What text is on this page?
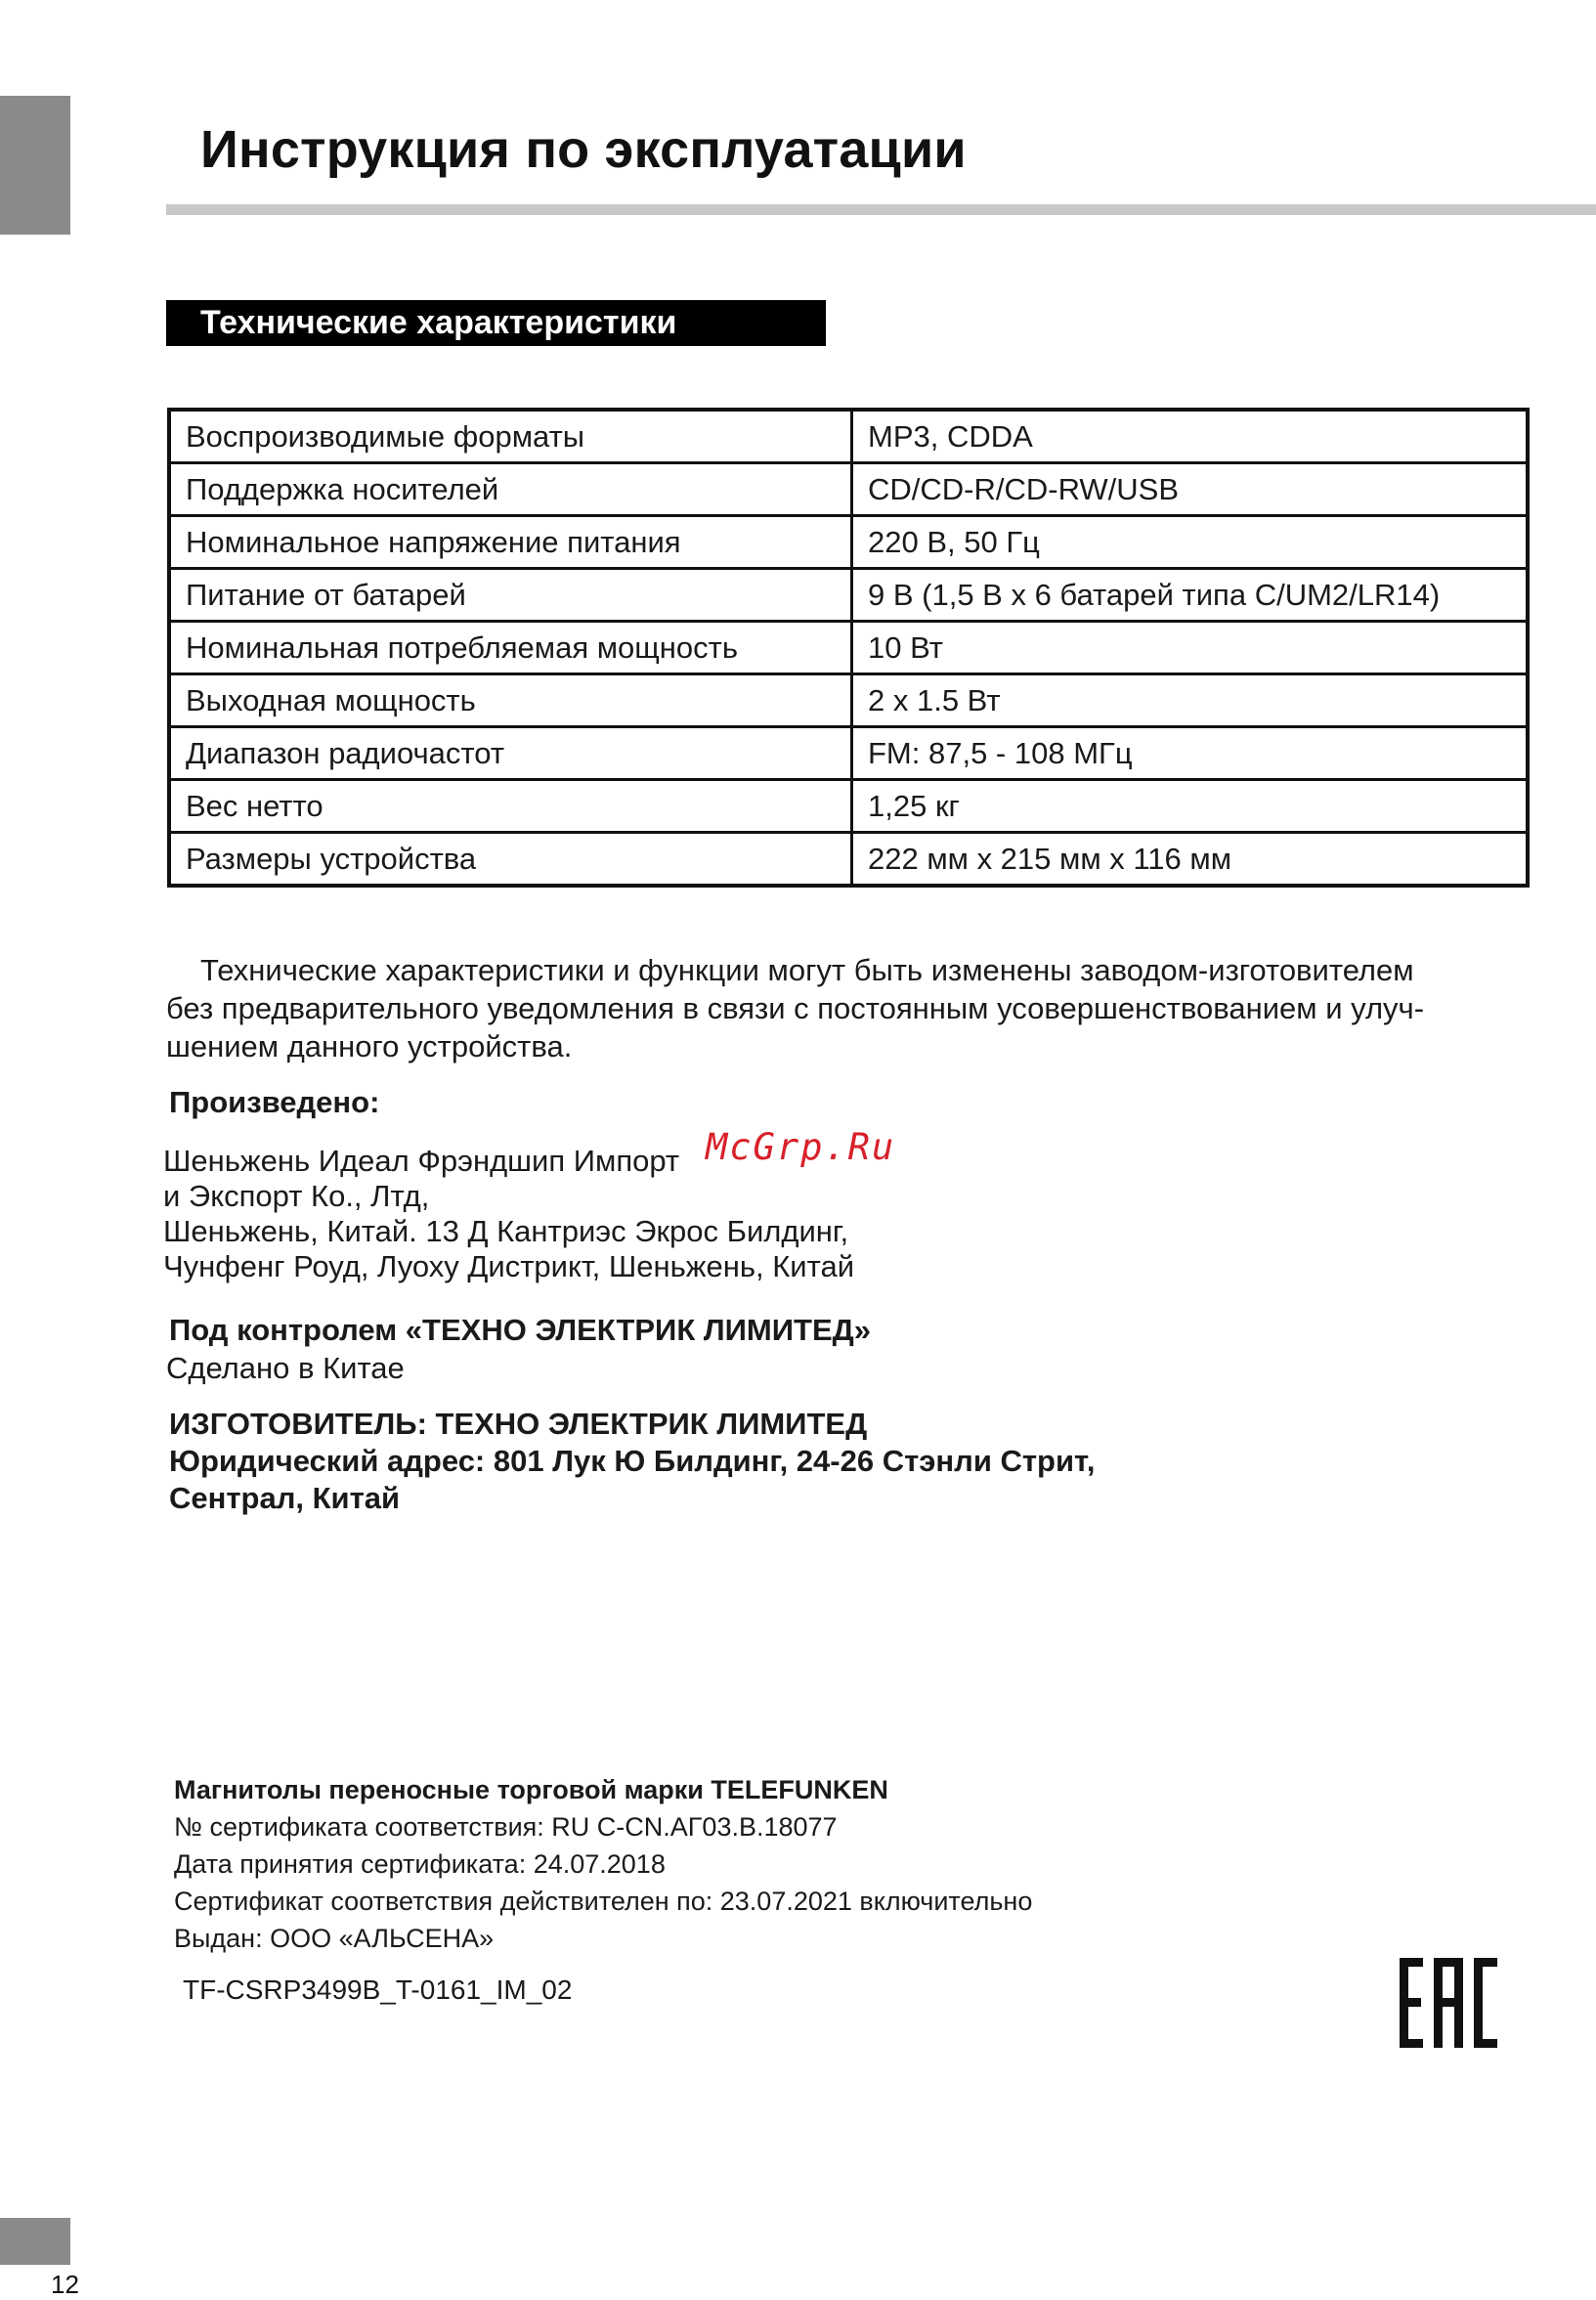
Инструкция по эксплуатации
Технические характеристики
Воспроизводимые форматы	MP3, CDDA
Поддержка носителей	CD/CD-R/CD-RW/USB
Номинальное напряжение питания	220 В, 50 Гц
Питание от батарей	9 В (1,5 В x 6 батарей типа C/UM2/LR14)
Номинальная потребляемая мощность	10 Вт
Выходная мощность	2 x 1.5 Вт
Диапазон радиочастот	FM: 87,5 - 108 МГц
Вес нетто	1,25 кг
Размеры устройства	222 мм x 215 мм x 116 мм
Технические характеристики и функции могут быть изменены заводом-изготовителем
без предварительного уведомления в связи с постоянным усовершенствованием и улуч-
шением данного устройства.
Произведено:
Шеньжень Идеал Фрэндшип Импорт
и Экспорт Ко., Лтд,
Шеньжень, Китай. 13 Д Кантриэс Экрос Билдинг,
Чунфенг Роуд, Луоху Дистрикт, Шеньжень, Китай
McGrp.Ru
Под контролем «ТЕХНО ЭЛЕКТРИК ЛИМИТЕД»
Сделано в Китае
ИЗГОТОВИТЕЛЬ: ТЕХНО ЭЛЕКТРИК ЛИМИТЕД
Юридический адрес: 801 Лук Ю Билдинг, 24-26 Стэнли Стрит,
Сентрал, Китай
Магнитолы переносные торговой марки TELEFUNKEN
№ сертификата соответствия: RU C-CN.АГ03.В.18077
Дата принятия сертификата: 24.07.2018
Сертификат соответствия действителен по: 23.07.2021 включительно
Выдан: ООО «АЛЬСЕНА»
TF-CSRP3499B_T-0161_IM_02
12
